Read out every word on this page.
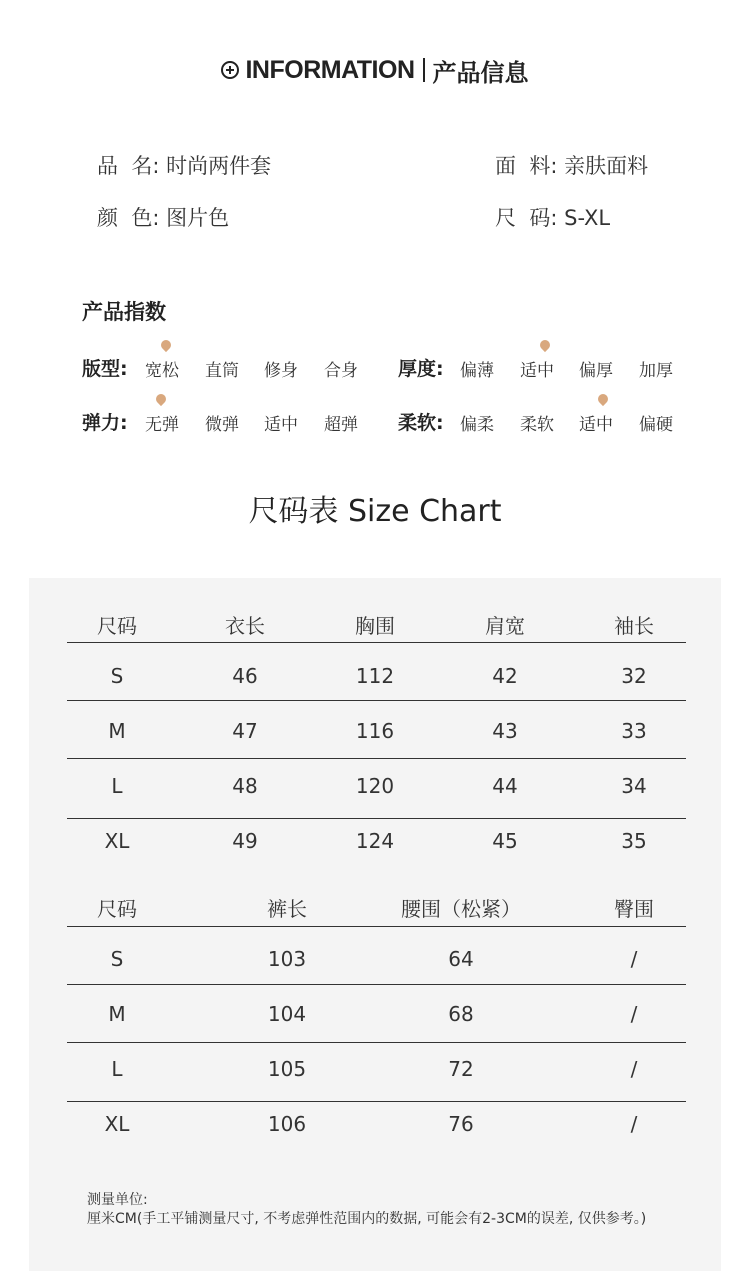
INFORMATION 产品信息
品  名: 时尚两件套	面  料: 亲肤面料
颜  色: 图片色	尺  码: S-XL
产品指数
版型: 宽松 直筒 修身 合身 厚度: 偏薄 适中 偏厚 加厚
弹力: 无弹 微弹 适中 超弹 柔软: 偏柔 柔软 适中 偏硬
尺码表 Size Chart
尺码	衣长	胸围	肩宽	袖长
S	46	112	42	32
M	47	116	43	33
L	48	120	44	34
XL	49	124	45	35
尺码	裤长	腰围（松紧）	臀围
S	103	64	/
M	104	68	/
L	105	72	/
XL	106	76	/
测量单位:
厘米CM(手工平铺测量尺寸, 不考虑弹性范围内的数据, 可能会有2-3CM的误差, 仅供参考。)
